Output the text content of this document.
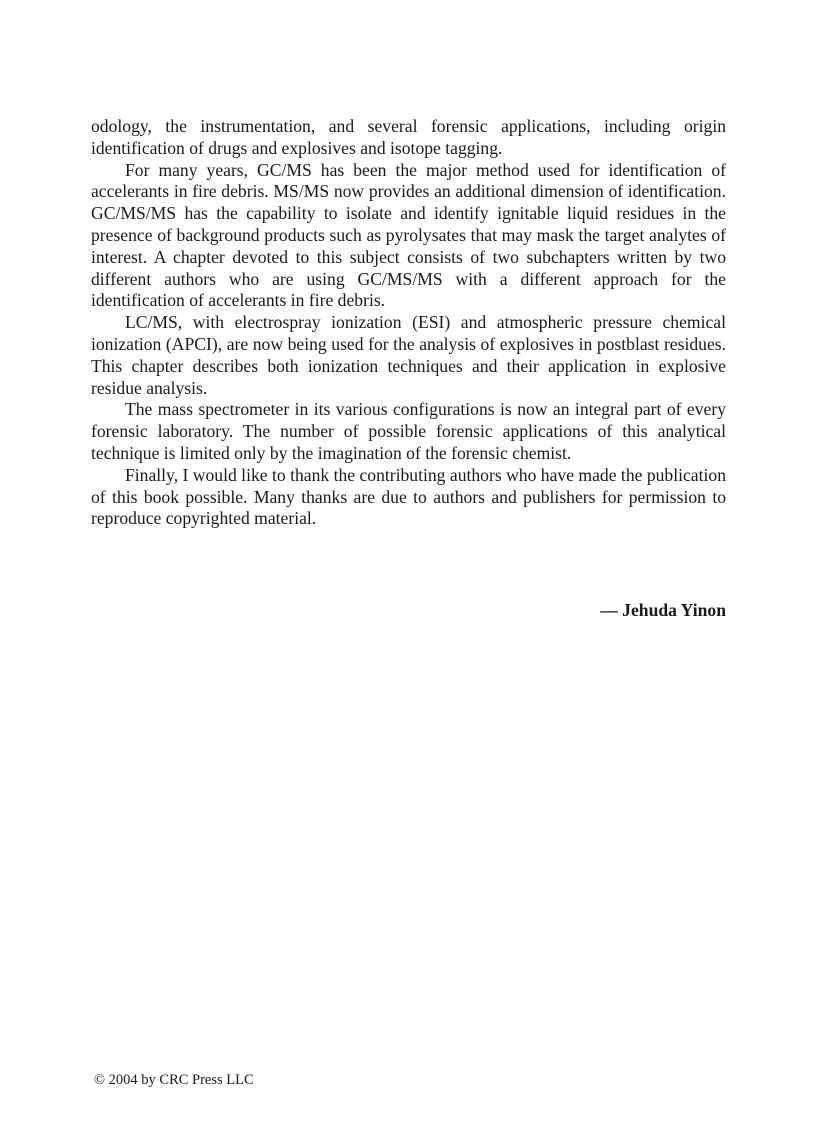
odology, the instrumentation, and several forensic applications, including origin identification of drugs and explosives and isotope tagging.

For many years, GC/MS has been the major method used for identification of accelerants in fire debris. MS/MS now provides an additional dimension of identification. GC/MS/MS has the capability to isolate and identify ignitable liquid residues in the presence of background products such as pyrolysates that may mask the target analytes of interest. A chapter devoted to this subject consists of two subchapters written by two different authors who are using GC/MS/MS with a different approach for the identification of accelerants in fire debris.

LC/MS, with electrospray ionization (ESI) and atmospheric pressure chemical ionization (APCI), are now being used for the analysis of explosives in postblast residues. This chapter describes both ionization techniques and their application in explosive residue analysis.

The mass spectrometer in its various configurations is now an integral part of every forensic laboratory. The number of possible forensic applications of this analytical technique is limited only by the imagination of the forensic chemist.

Finally, I would like to thank the contributing authors who have made the publication of this book possible. Many thanks are due to authors and publishers for permission to reproduce copyrighted material.

— Jehuda Yinon
© 2004 by CRC Press LLC
